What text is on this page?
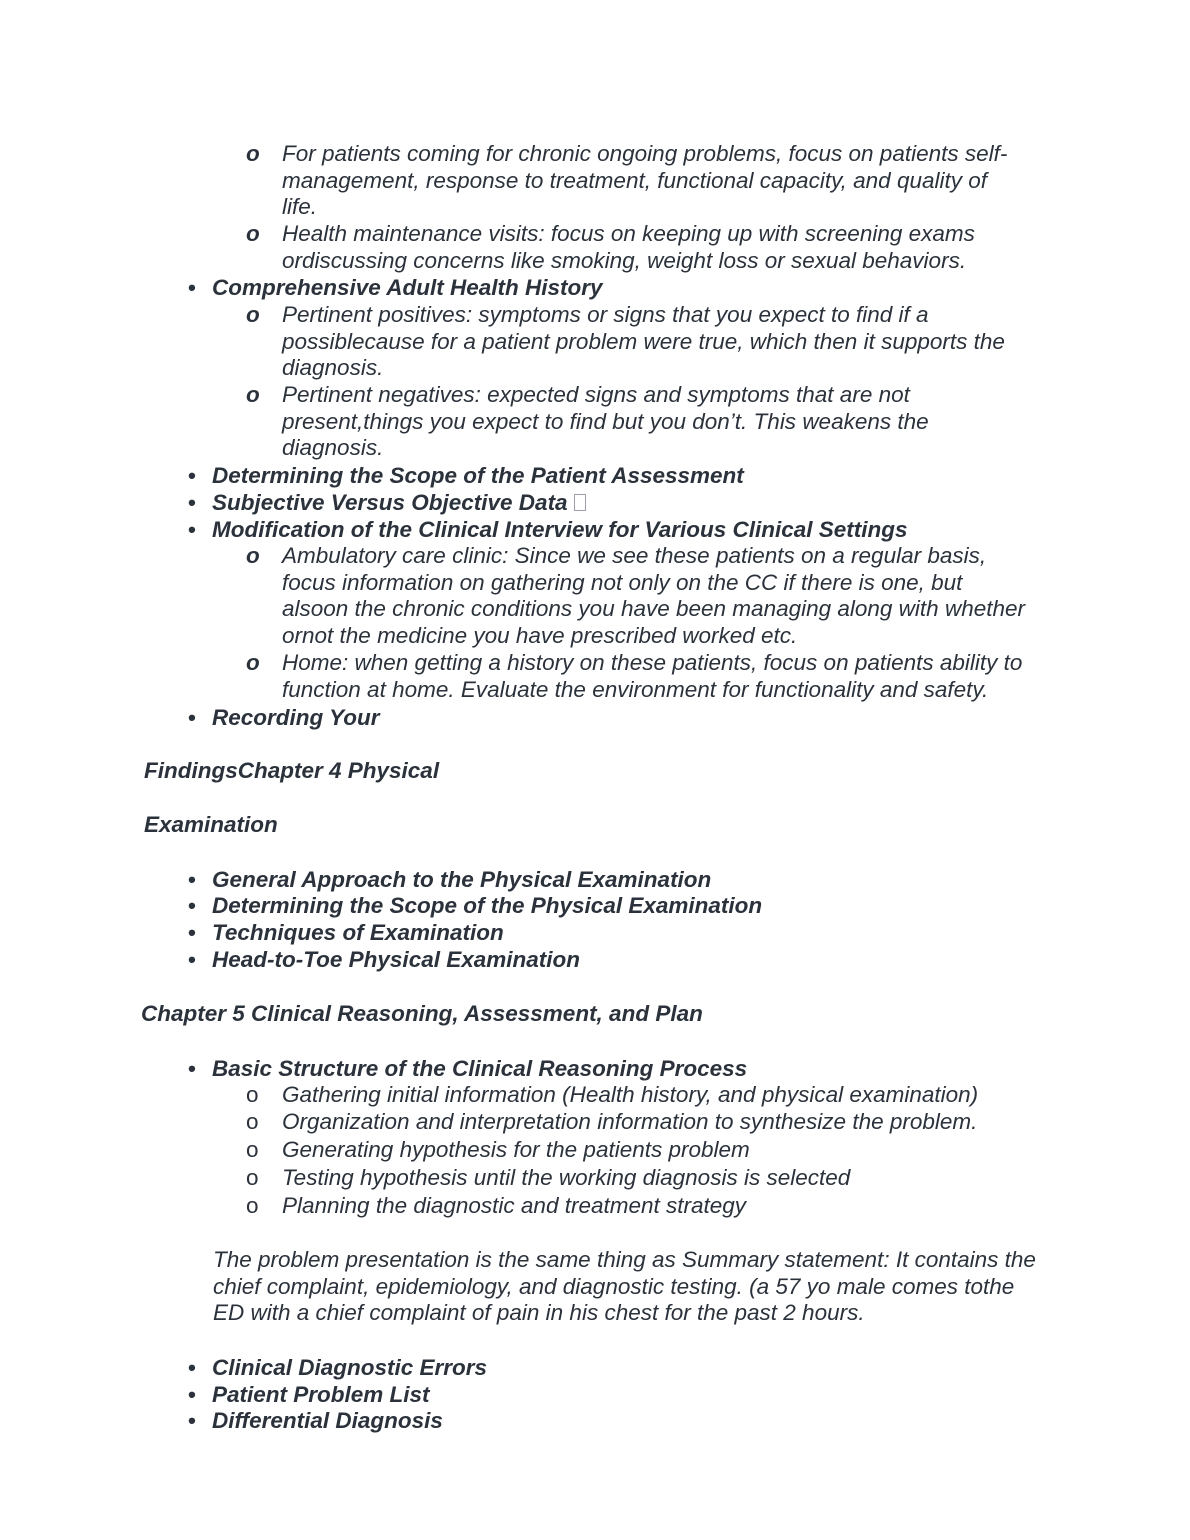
o For patients coming for chronic ongoing problems, focus on patients self-
management, response to treatment, functional capacity, and quality of
life.
o Health maintenance visits: focus on keeping up with screening exams
ordiscussing concerns like smoking, weight loss or sexual behaviors.
• Comprehensive Adult Health History
o Pertinent positives: symptoms or signs that you expect to find if a
possiblecause for a patient problem were true, which then it supports the
diagnosis.
o Pertinent negatives: expected signs and symptoms that are not
present,things you expect to find but you don’t. This weakens the
diagnosis.
• Determining the Scope of the Patient Assessment
• Subjective Versus Objective Data
• Modification of the Clinical Interview for Various Clinical Settings
o Ambulatory care clinic: Since we see these patients on a regular basis,
focus information on gathering not only on the CC if there is one, but
alsoon the chronic conditions you have been managing along with whether
ornot the medicine you have prescribed worked etc.
o Home: when getting a history on these patients, focus on patients ability to
function at home. Evaluate the environment for functionality and safety.
• Recording Your
FindingsChapter 4 Physical
Examination
• General Approach to the Physical Examination
• Determining the Scope of the Physical Examination
• Techniques of Examination
• Head-to-Toe Physical Examination
Chapter 5 Clinical Reasoning, Assessment, and Plan
• Basic Structure of the Clinical Reasoning Process
o	Gathering initial information (Health history, and physical examination)
o	Organization and interpretation information to synthesize the problem.
o	Generating hypothesis for the patients problem
o	Testing hypothesis until the working diagnosis is selected
o	Planning the diagnostic and treatment strategy
The problem presentation is the same thing as Summary statement: It contains the
chief complaint, epidemiology, and diagnostic testing. (a 57 yo male comes tothe
ED with a chief complaint of pain in his chest for the past 2 hours.
• Clinical Diagnostic Errors
• Patient Problem List
• Differential Diagnosis
